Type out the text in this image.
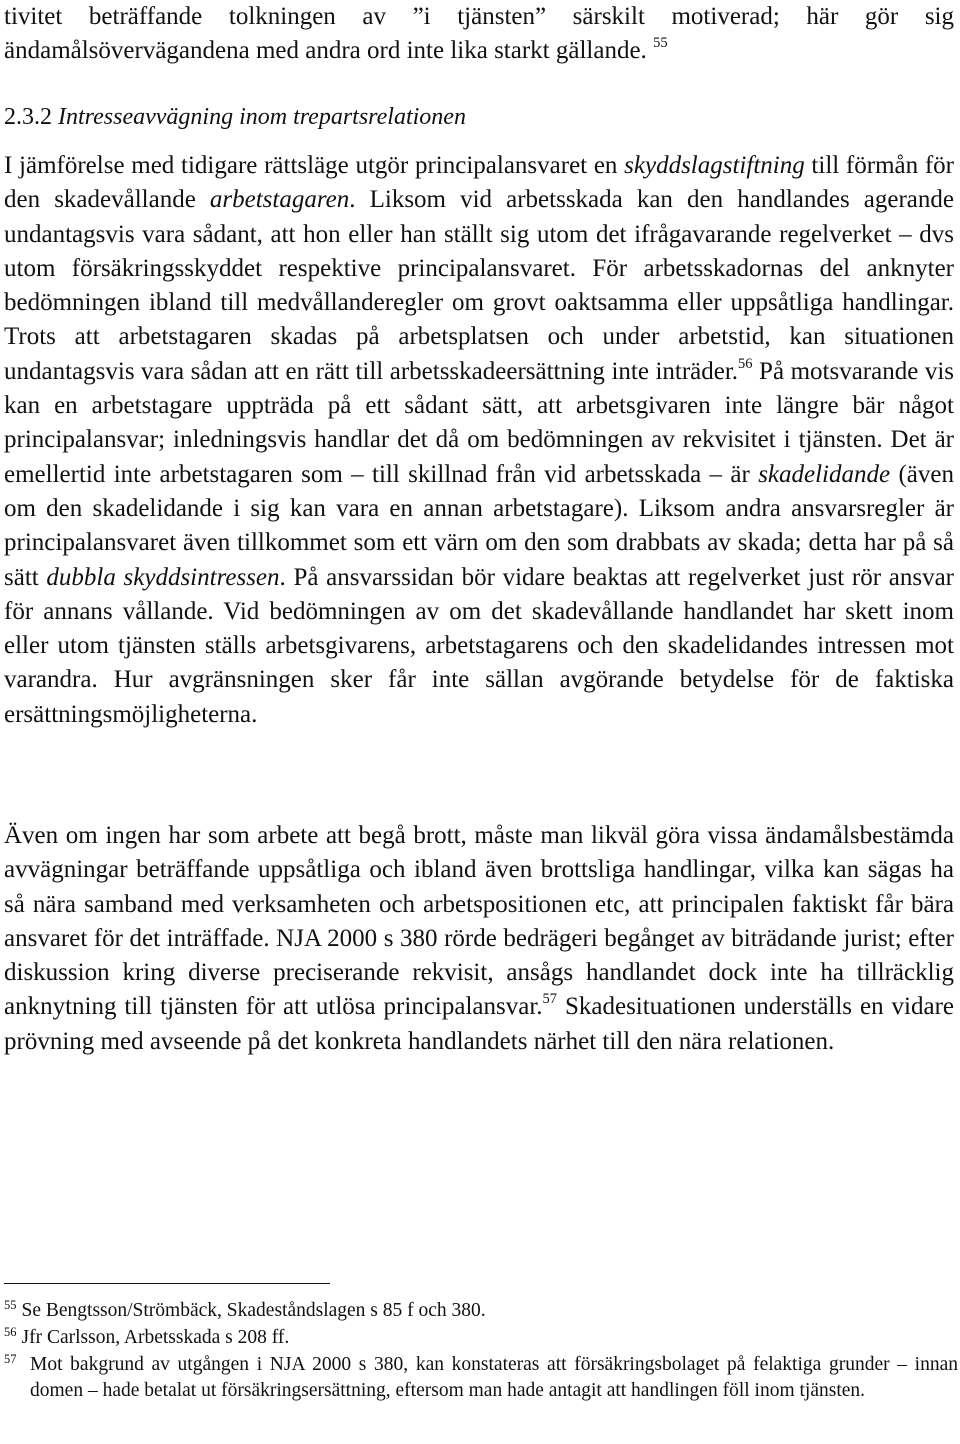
tivitet beträffande tolkningen av ”i tjänsten” särskilt motiverad; här gör sig ändamålsövervägandena med andra ord inte lika starkt gällande. $^{55}$

2.3.2 Intresseavvägning inom trepartsrelationen

I jämförelse med tidigare rättsläge utgör principalansvaret en skyddslagstiftning till förmån för den skadevållande arbetstagaren. Liksom vid arbetsskada kan den handlandes agerande undantagsvis vara sådant, att hon eller han ställt sig utom det ifrågavarande regelverket – dvs utom försäkringsskyddet respektive principalansvaret. För arbetsskadornas del anknyter bedömningen ibland till medvållanderegler om grovt oaktsamma eller uppsåtliga handlingar. Trots att arbetstagaren skadas på arbetsplatsen och under arbetstid, kan situationen undantagsvis vara sådan att en rätt till arbetsskadeersättning inte inträder.$^{56}$ På motsvarande vis kan en arbetstagare uppträda på ett sådant sätt, att arbetsgivaren inte längre bär något principalansvar; inledningsvis handlar det då om bedömningen av rekvisitet i tjänsten. Det är emellertid inte arbetstagaren som – till skillnad från vid arbetsskada – är skadelidande (även om den skadelidande i sig kan vara en annan arbetstagare). Liksom andra ansvarsregler är principalansvaret även tillkommet som ett värn om den som drabbats av skada; detta har på så sätt dubbla skyddsintressen. På ansvarssidan bör vidare beaktas att regelverket just rör ansvar för annans vållande. Vid bedömningen av om det skadevållande handlandet har skett inom eller utom tjänsten ställs arbetsgivarens, arbetstagarens och den skadelidandes intressen mot varandra. Hur avgränsningen sker får inte sällan avgörande betydelse för de faktiska ersättningsmöjligheterna.

Även om ingen har som arbete att begå brott, måste man likväl göra vissa ändamålsbestämda avvägningar beträffande uppsåtliga och ibland även brottsliga handlingar, vilka kan sägas ha så nära samband med verksamheten och arbetspositionen etc, att principalen faktiskt får bära ansvaret för det inträffade. NJA 2000 s 380 rörde bedrägeri begånget av biträdande jurist; efter diskussion kring diverse preciserande rekvisit, ansågs handlandet dock inte ha tillräcklig anknytning till tjänsten för att utlösa principalansvar.$^{57}$ Skadesituationen underställs en vidare prövning med avseende på det konkreta handlandets närhet till den nära relationen.

55 Se Bengtsson/Strömbäck, Skadeståndslagen s 85 f och 380.

56 Jfr Carlsson, Arbetsskada s 208 ff.

57 Mot bakgrund av utgången i NJA 2000 s 380, kan konstateras att försäkringsbolaget på felaktiga grunder – innan domen – hade betalat ut försäkringsersättning, eftersom man hade antagit att handlingen föll inom tjänsten.
